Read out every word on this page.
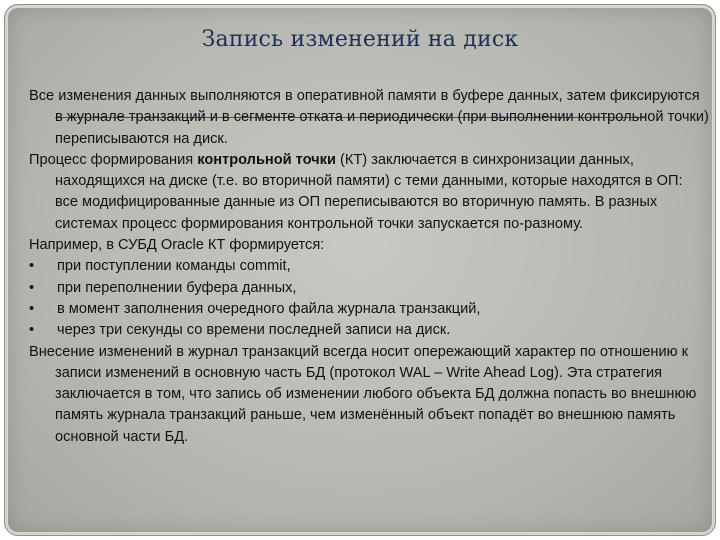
Запись изменений на диск

Все изменения данных выполняются в оперативной памяти в буфере данных, затем фиксируются в журнале транзакций и в сегменте отката и периодически (при выполнении контрольной точки) переписываются на диск.

Процесс формирования контрольной точки (КТ) заключается в синхронизации данных, находящихся на диске (т.е. во вторичной памяти) с теми данными, которые находятся в ОП: все модифицированные данные из ОП переписываются во вторичную память. В разных системах процесс формирования контрольной точки запускается по-разному.

Например, в СУБД Oracle КТ формируется:

•	при поступлении команды commit,
•	при переполнении буфера данных,
•	в момент заполнения очередного файла журнала транзакций,
•	через три секунды со времени последней записи на диск.

Внесение изменений в журнал транзакций всегда носит опережающий характер по отношению к записи изменений в основную часть БД (протокол WAL – Write Ahead Log). Эта стратегия заключается в том, что запись об изменении любого объекта БД должна попасть во внешнюю память журнала транзакций раньше, чем изменённый объект попадёт во внешнюю память основной части БД.
